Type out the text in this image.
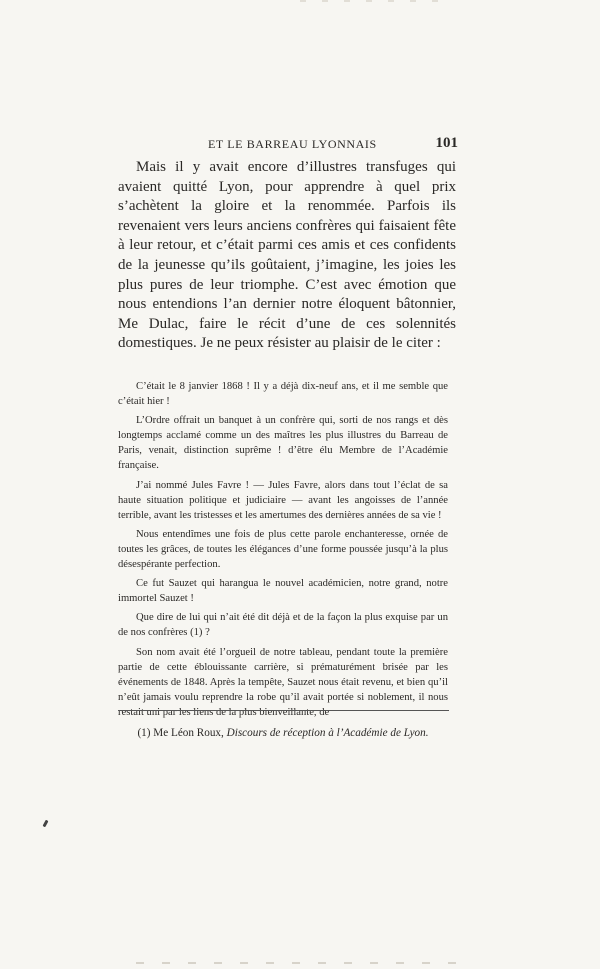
ET LE BARREAU LYONNAIS	101

Mais il y avait encore d’illustres transfuges qui avaient quitté Lyon, pour apprendre à quel prix s’achètent la gloire et la renommée. Parfois ils revenaient vers leurs anciens confrères qui faisaient fête à leur retour, et c’était parmi ces amis et ces confidents de la jeunesse qu’ils goûtaient, j’imagine, les joies les plus pures de leur triomphe. C’est avec émotion que nous entendions l’an dernier notre éloquent bâtonnier, Me Dulac, faire le récit d’une de ces solennités domestiques. Je ne peux résister au plaisir de le citer :

C’était le 8 janvier 1868 ! Il y a déjà dix-neuf ans, et il me semble que c’était hier !

L’Ordre offrait un banquet à un confrère qui, sorti de nos rangs et dès longtemps acclamé comme un des maîtres les plus illustres du Barreau de Paris, venait, distinction suprême ! d’être élu Membre de l’Académie française.

J’ai nommé Jules Favre ! — Jules Favre, alors dans tout l’éclat de sa haute situation politique et judiciaire — avant les angoisses de l’année terrible, avant les tristesses et les amertumes des dernières années de sa vie !

Nous entendîmes une fois de plus cette parole enchanteresse, ornée de toutes les grâces, de toutes les élégances d’une forme poussée jusqu’à la plus désespérante perfection.

Ce fut Sauzet qui harangua le nouvel académicien, notre grand, notre immortel Sauzet !

Que dire de lui qui n’ait été dit déjà et de la façon la plus exquise par un de nos confrères (1) ?

Son nom avait été l’orgueil de notre tableau, pendant toute la première partie de cette éblouissante carrière, si prématurément brisée par les événements de 1848. Après la tempête, Sauzet nous était revenu, et bien qu’il n’eût jamais voulu reprendre la robe qu’il avait portée si noblement, il nous restait uni par les liens de la plus bienveillante, de

(1) Me Léon Roux, Discours de réception à l’Académie de Lyon.
